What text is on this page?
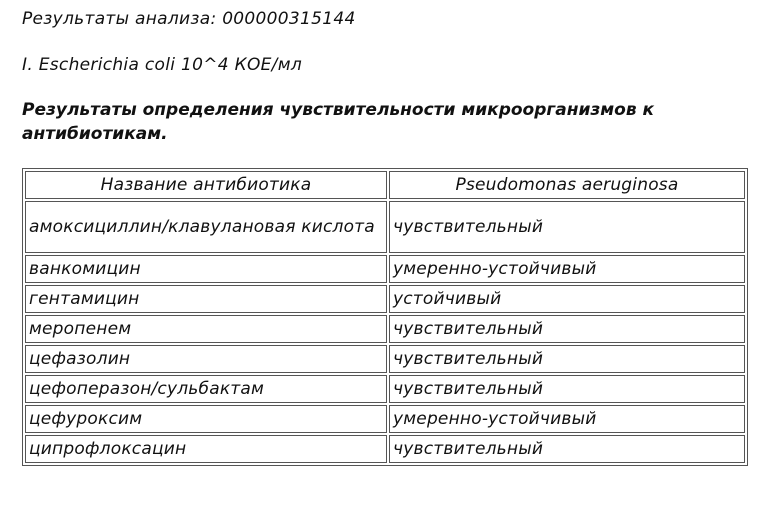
Результаты анализа: 000000315144
I. Escherichia coli 10^4 КОЕ/мл
Результаты определения чувствительности микроорганизмов к антибиотикам.
Название антибиотика	Pseudomonas aeruginosa
амоксициллин/клавулановая кислота	чувствительный
ванкомицин	умеренно-устойчивый
гентамицин	устойчивый
меропенем	чувствительный
цефазолин	чувствительный
цефоперазон/сульбактам	чувствительный
цефуроксим	умеренно-устойчивый
ципрофлоксацин	чувствительный
